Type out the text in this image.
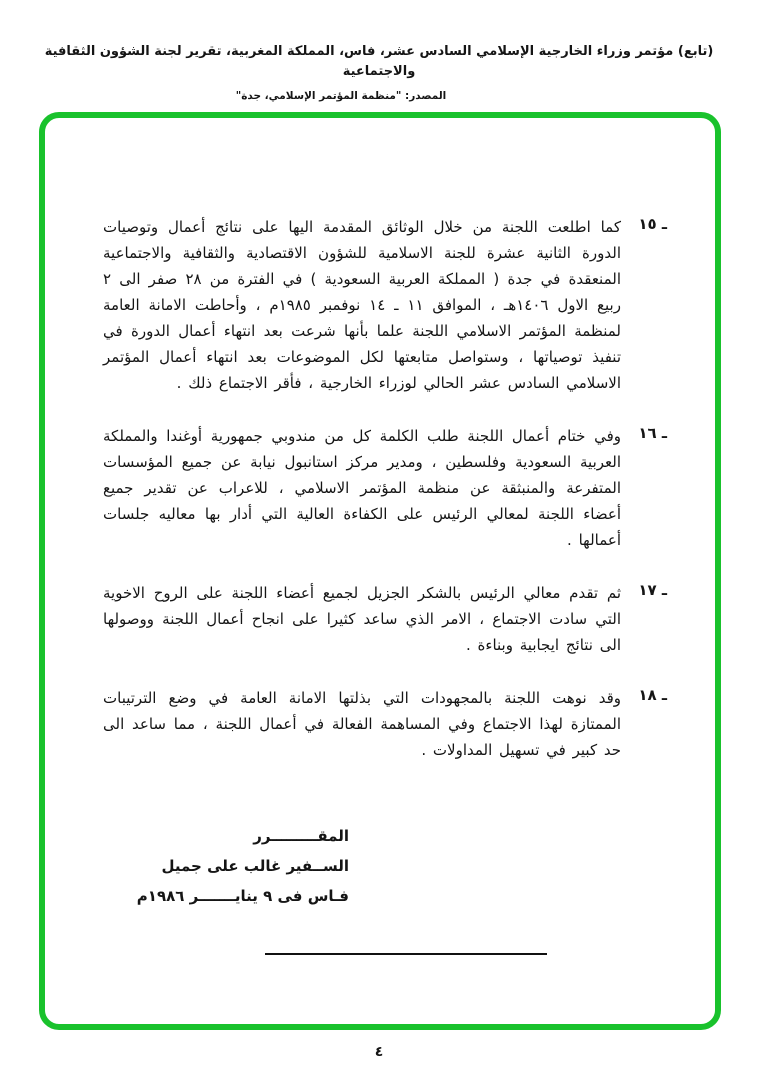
(تابع) مؤتمر وزراء الخارجية الإسلامي السادس عشر، فاس، المملكة المغربية، تقرير لجنة الشؤون الثقافية والاجتماعية
المصدر: "منظمة المؤتمر الإسلامي، جدة"
ـ ١٥
كما اطلعت اللجنة من خلال الوثائق المقدمة اليها على نتائج أعمال وتوصيات الدورة الثانية عشرة للجنة الاسلامية للشؤون الاقتصادية والثقافية والاجتماعية المنعقدة في جدة ( المملكة العربية السعودية ) في الفترة من ٢٨ صفر الى ٢ ربيع الاول ١٤٠٦هـ ، الموافق ١١ ـ ١٤ نوفمبر ١٩٨٥م ، وأحاطت الامانة العامة لمنظمة المؤتمر الاسلامي اللجنة علما بأنها شرعت بعد انتهاء أعمال الدورة في تنفيذ توصياتها ، وستواصل متابعتها لكل الموضوعات بعد انتهاء أعمال المؤتمر الاسلامي السادس عشر الحالي لوزراء الخارجية ، فأقر الاجتماع ذلك .
ـ ١٦
وفي ختام أعمال اللجنة طلب الكلمة كل من مندوبي جمهورية أوغندا والمملكة العربية السعودية وفلسطين ، ومدير مركز استانبول نيابة عن جميع المؤسسات المتفرعة والمنبثقة عن منظمة المؤتمر الاسلامي ، للاعراب عن تقدير جميع أعضاء اللجنة لمعالي الرئيس على الكفاءة العالية التي أدار بها معاليه جلسات أعمالها .
ـ ١٧
ثم تقدم معالي الرئيس بالشكر الجزيل لجميع أعضاء اللجنة على الروح الاخوية التي سادت الاجتماع ، الامر الذي ساعد كثيرا على انجاح أعمال اللجنة ووصولها الى نتائج ايجابية وبناءة .
ـ ١٨
وقد نوهت اللجنة بالمجهودات التي بذلتها الامانة العامة في وضع الترتيبات الممتازة لهذا الاجتماع وفي المساهمة الفعالة في أعمال اللجنة ، مما ساعد الى حد كبير في تسهيل المداولات .
المقـــــــــرر
الســفير غالب على جميل
فـاس فى ٩ ينايـــــــر ١٩٨٦م
٤
